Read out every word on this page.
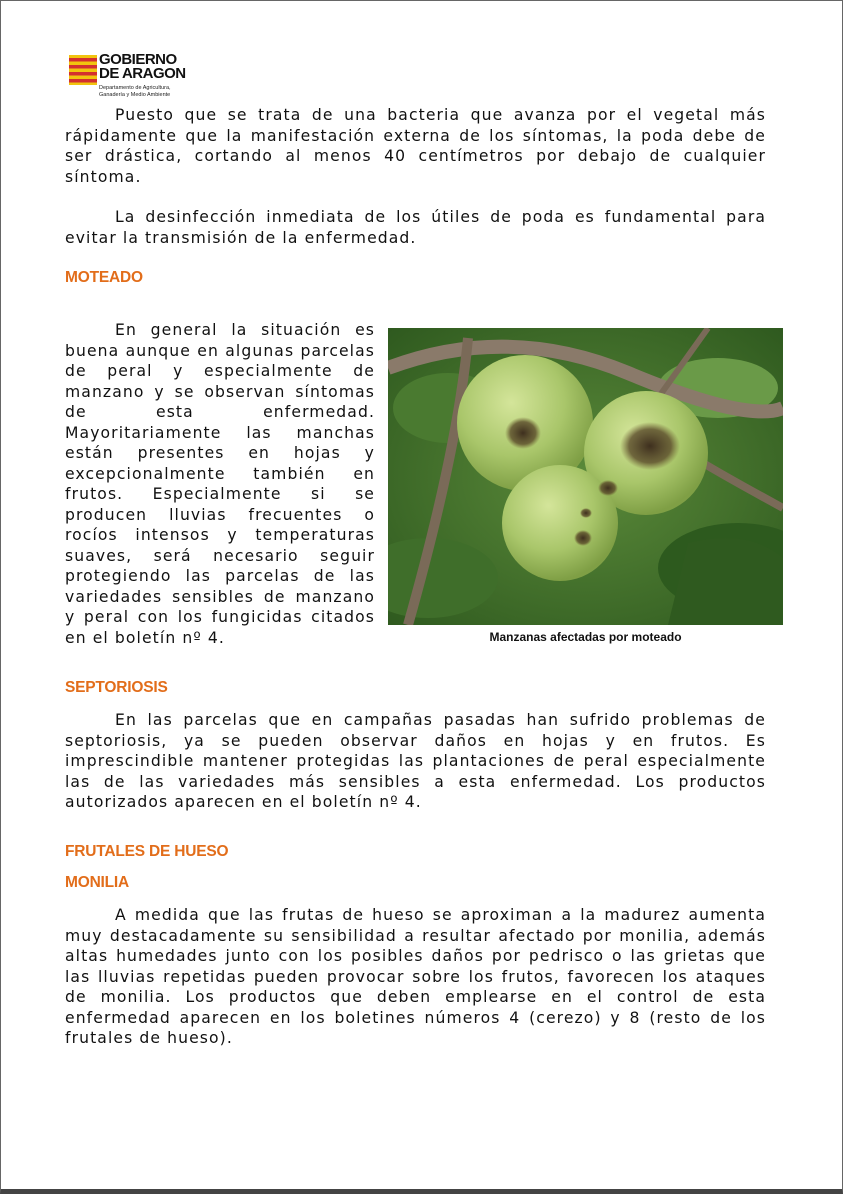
GOBIERNO
DE ARAGON
Departamento de Agricultura,
Ganadería y Medio Ambiente

Puesto que se trata de una bacteria que avanza por el vegetal más rápidamente que la manifestación externa de los síntomas, la poda debe de ser drástica, cortando al menos 40 centímetros por debajo de cualquier síntoma.

La desinfección inmediata de los útiles de poda es fundamental para evitar la transmisión de la enfermedad.

MOTEADO

En general la situación es buena aunque en algunas parcelas de peral y especialmente de manzano y se observan síntomas de esta enfermedad. Mayoritariamente las manchas están presentes en hojas y excepcionalmente también en frutos. Especialmente si se producen lluvias frecuentes o rocíos intensos y temperaturas suaves, será necesario seguir protegiendo las parcelas de las variedades sensibles de manzano y peral con los fungicidas citados en el boletín nº 4.	Manzanas afectadas por moteado
SEPTORIOSIS

En las parcelas que en campañas pasadas han sufrido problemas de septoriosis, ya se pueden observar daños en hojas y en frutos. Es imprescindible mantener protegidas las plantaciones de peral especialmente las de las variedades más sensibles a esta enfermedad. Los productos autorizados aparecen en el boletín nº 4.

FRUTALES DE HUESO
MONILIA

A medida que las frutas de hueso se aproximan a la madurez aumenta muy destacadamente su sensibilidad a resultar afectado por monilia, además altas humedades junto con los posibles daños por pedrisco o las grietas que las lluvias repetidas pueden provocar sobre los frutos, favorecen los ataques de monilia. Los productos que deben emplearse en el control de esta enfermedad aparecen en los boletines números 4 (cerezo) y 8 (resto de los frutales de hueso).
